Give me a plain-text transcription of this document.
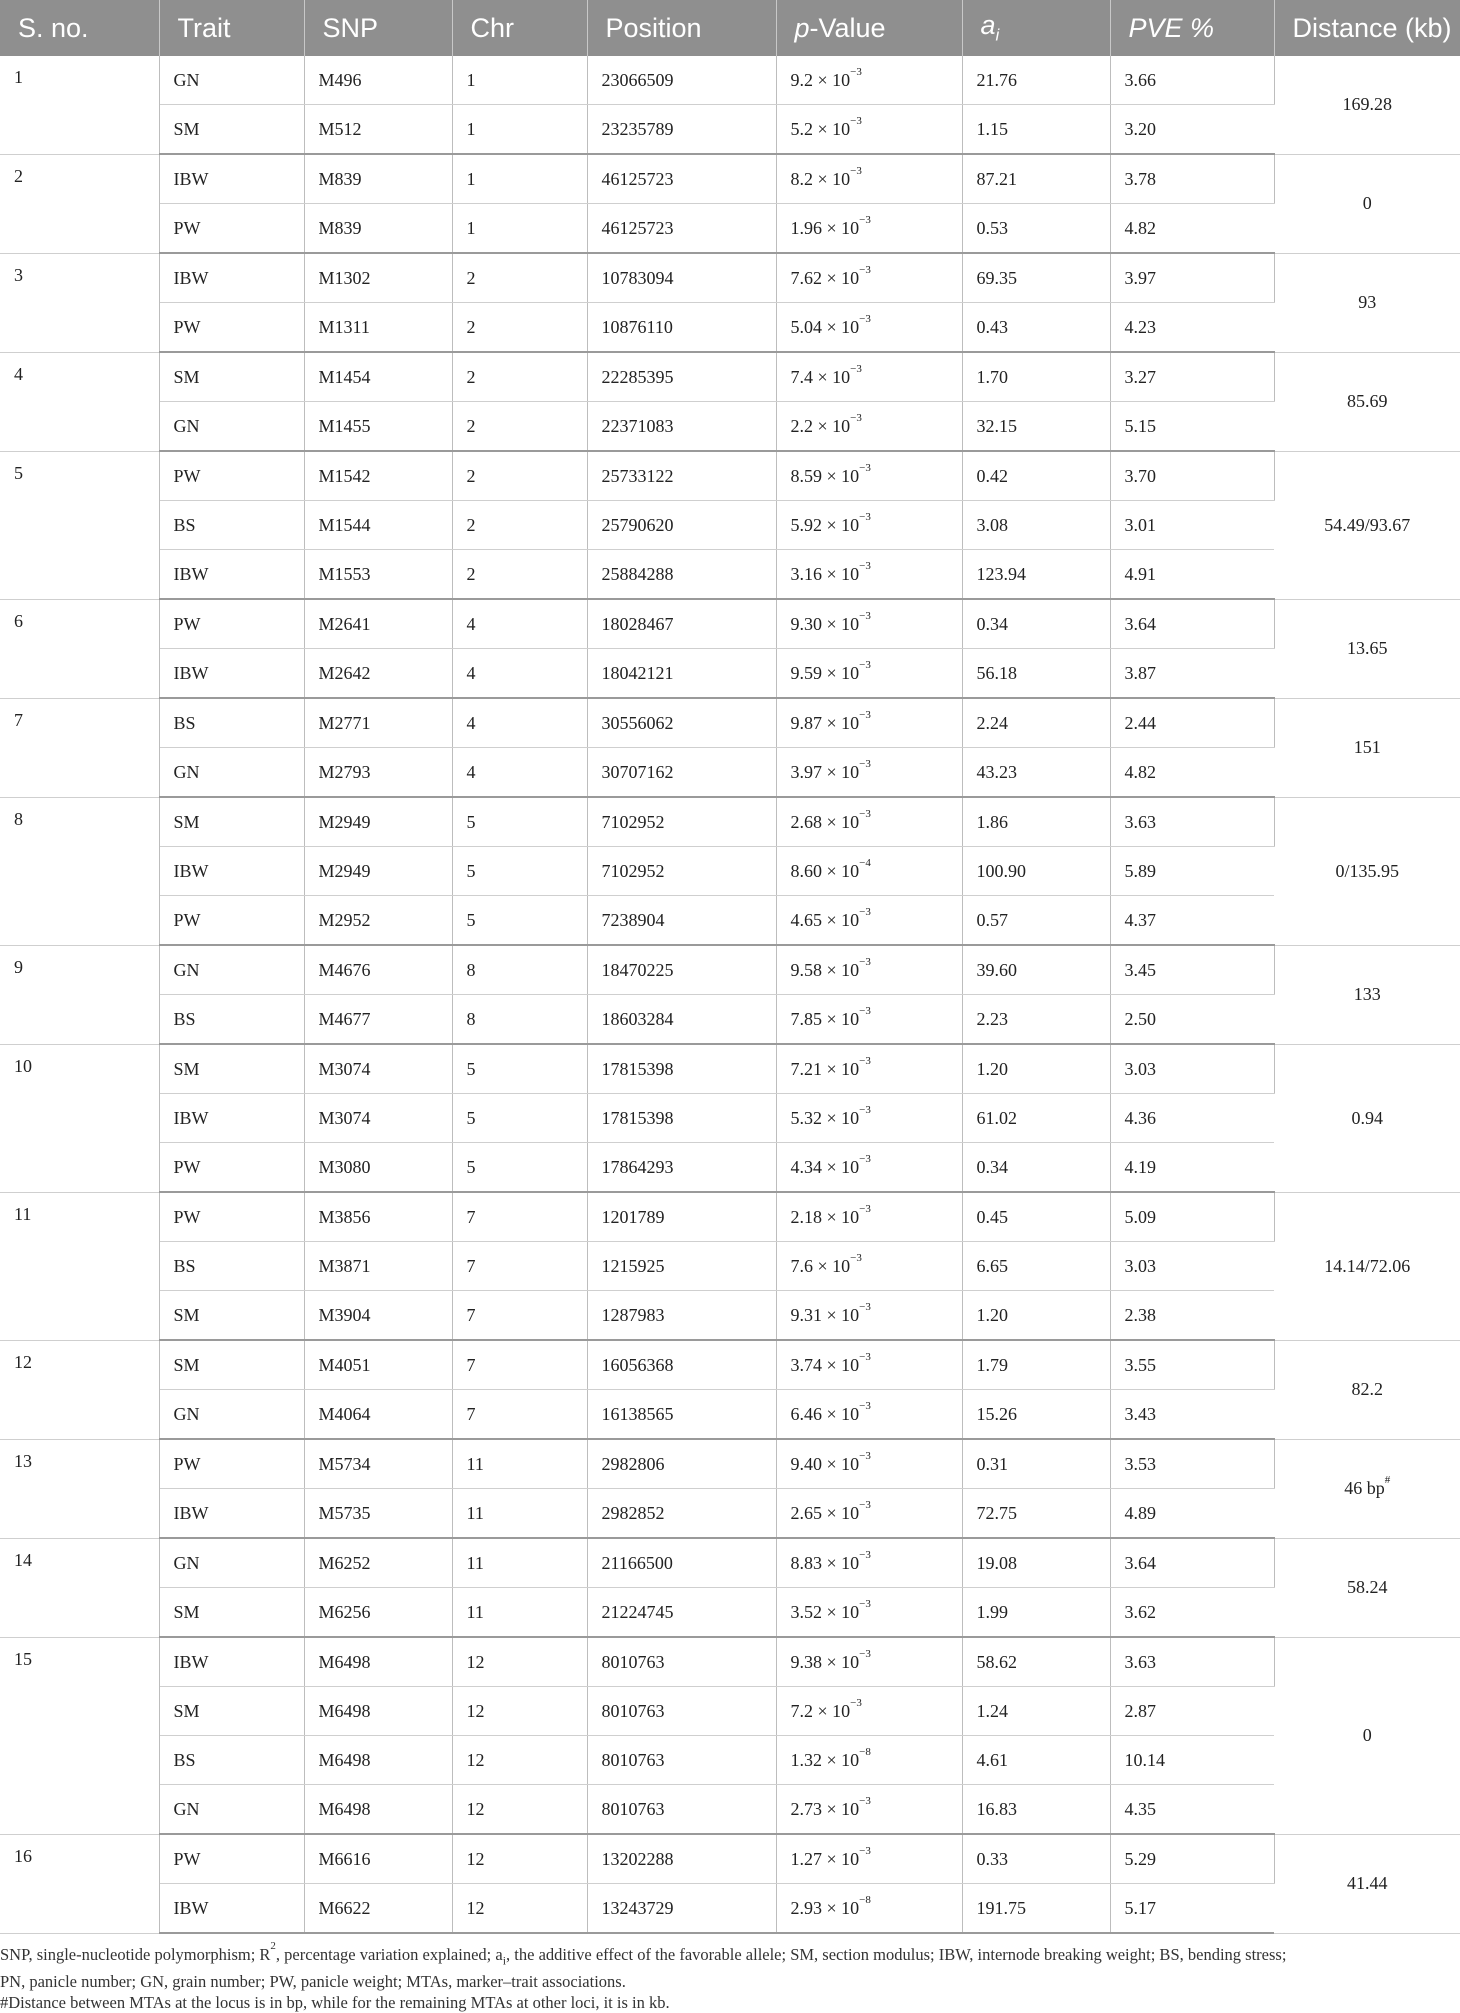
S. no.	Trait	SNP	Chr	Position	p-Value	$a_i$	PVE %	Distance (kb)
1	GN	M496	1	23066509	$9.2 \times 10^{-3}$	21.76	3.66	169.28
	SM	M512	1	23235789	$5.2 \times 10^{-3}$	1.15	3.20	
2	IBW	M839	1	46125723	$8.2 \times 10^{-3}$	87.21	3.78	0
	PW	M839	1	46125723	$1.96 \times 10^{-3}$	0.53	4.82	
3	IBW	M1302	2	10783094	$7.62 \times 10^{-3}$	69.35	3.97	93
	PW	M1311	2	10876110	$5.04 \times 10^{-3}$	0.43	4.23	
4	SM	M1454	2	22285395	$7.4 \times 10^{-3}$	1.70	3.27	85.69
	GN	M1455	2	22371083	$2.2 \times 10^{-3}$	32.15	5.15	
5	PW	M1542	2	25733122	$8.59 \times 10^{-3}$	0.42	3.70	54.49/93.67
	BS	M1544	2	25790620	$5.92 \times 10^{-3}$	3.08	3.01	
	IBW	M1553	2	25884288	$3.16 \times 10^{-3}$	123.94	4.91	
6	PW	M2641	4	18028467	$9.30 \times 10^{-3}$	0.34	3.64	13.65
	IBW	M2642	4	18042121	$9.59 \times 10^{-3}$	56.18	3.87	
7	BS	M2771	4	30556062	$9.87 \times 10^{-3}$	2.24	2.44	151
	GN	M2793	4	30707162	$3.97 \times 10^{-3}$	43.23	4.82	
8	SM	M2949	5	7102952	$2.68 \times 10^{-3}$	1.86	3.63	0/135.95
	IBW	M2949	5	7102952	$8.60 \times 10^{-4}$	100.90	5.89	
	PW	M2952	5	7238904	$4.65 \times 10^{-3}$	0.57	4.37	
9	GN	M4676	8	18470225	$9.58 \times 10^{-3}$	39.60	3.45	133
	BS	M4677	8	18603284	$7.85 \times 10^{-3}$	2.23	2.50	
10	SM	M3074	5	17815398	$7.21 \times 10^{-3}$	1.20	3.03	0.94
	IBW	M3074	5	17815398	$5.32 \times 10^{-3}$	61.02	4.36	
	PW	M3080	5	17864293	$4.34 \times 10^{-3}$	0.34	4.19	
11	PW	M3856	7	1201789	$2.18 \times 10^{-3}$	0.45	5.09	14.14/72.06
	BS	M3871	7	1215925	$7.6 \times 10^{-3}$	6.65	3.03	
	SM	M3904	7	1287983	$9.31 \times 10^{-3}$	1.20	2.38	
12	SM	M4051	7	16056368	$3.74 \times 10^{-3}$	1.79	3.55	82.2
	GN	M4064	7	16138565	$6.46 \times 10^{-3}$	15.26	3.43	
13	PW	M5734	11	2982806	$9.40 \times 10^{-3}$	0.31	3.53	46 bp#
	IBW	M5735	11	2982852	$2.65 \times 10^{-3}$	72.75	4.89	
14	GN	M6252	11	21166500	$8.83 \times 10^{-3}$	19.08	3.64	58.24
	SM	M6256	11	21224745	$3.52 \times 10^{-3}$	1.99	3.62	
15	IBW	M6498	12	8010763	$9.38 \times 10^{-3}$	58.62	3.63	0
	SM	M6498	12	8010763	$7.2 \times 10^{-3}$	1.24	2.87	
	BS	M6498	12	8010763	$1.32 \times 10^{-8}$	4.61	10.14	
	GN	M6498	12	8010763	$2.73 \times 10^{-3}$	16.83	4.35	
16	PW	M6616	12	13202288	$1.27 \times 10^{-3}$	0.33	5.29	41.44
	IBW	M6622	12	13243729	$2.93 \times 10^{-8}$	191.75	5.17	
SNP, single-nucleotide polymorphism; $R^2$, percentage variation explained; $a_i$, the additive effect of the favorable allele; SM, section modulus; IBW, internode breaking weight; BS, bending stress;
PN, panicle number; GN, grain number; PW, panicle weight; MTAs, marker–trait associations.
#Distance between MTAs at the locus is in bp, while for the remaining MTAs at other loci, it is in kb.
